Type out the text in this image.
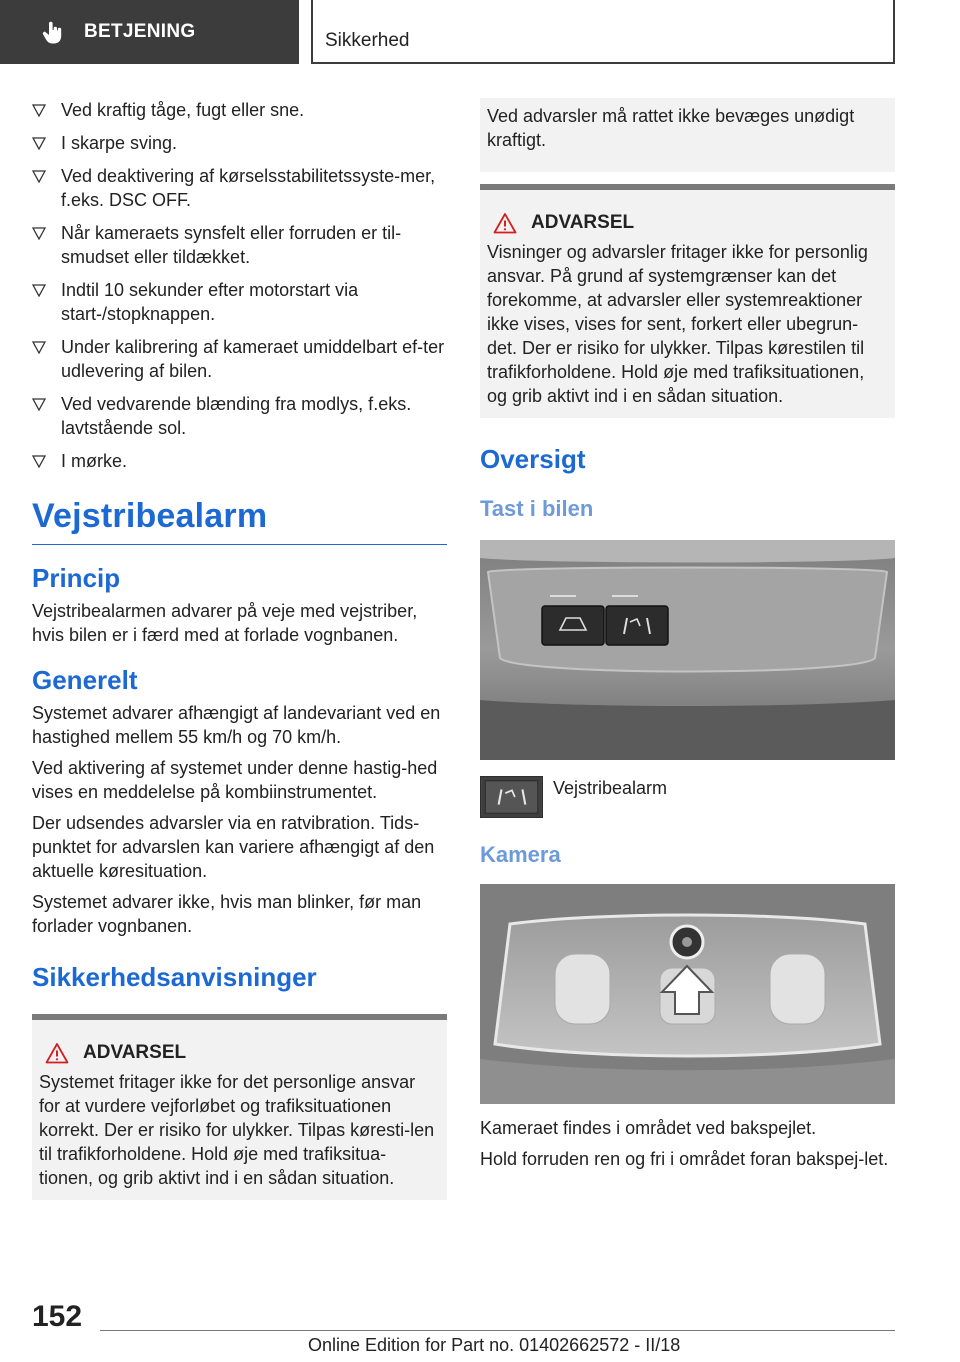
BETJENING	Sikkerhed
Ved kraftig tåge, fugt eller sne.
I skarpe sving.
Ved deaktivering af kørselsstabilitetssyste‐mer, f.eks. DSC OFF.
Når kameraets synsfelt eller forruden er til‐smudset eller tildækket.
Indtil 10 sekunder efter motorstart via start-/stopknappen.
Under kalibrering af kameraet umiddelbart ef‐ter udlevering af bilen.
Ved vedvarende blænding fra modlys, f.eks. lavtstående sol.
I mørke.
Vejstribealarm
Princip

Vejstribealarmen advarer på veje med vejstriber, hvis bilen er i færd med at forlade vognbanen.

Generelt

Systemet advarer afhængigt af landevariant ved en hastighed mellem 55 km/h og 70 km/h.

Ved aktivering af systemet under denne hastig‐hed vises en meddelelse på kombiinstrumentet.

Der udsendes advarsler via en ratvibration. Tids‐punktet for advarslen kan variere afhængigt af den aktuelle køresituation.

Systemet advarer ikke, hvis man blinker, før man forlader vognbanen.

Sikkerhedsanvisninger
ADVARSEL

Systemet fritager ikke for det personlige ansvar for at vurdere vejforløbet og trafiksituationen korrekt. Der er risiko for ulykker. Tilpas køresti‐len til trafikforholdene. Hold øje med trafiksitua‐tionen, og grib aktivt ind i en sådan situation.

Ved advarsler må rattet ikke bevæges unødigt kraftigt.

ADVARSEL

Visninger og advarsler fritager ikke for personlig ansvar. På grund af systemgrænser kan det forekomme, at advarsler eller systemreaktioner ikke vises, vises for sent, forkert eller ubegrun‐det. Der er risiko for ulykker. Tilpas kørestilen til trafikforholdene. Hold øje med trafiksituationen, og grib aktivt ind i en sådan situation.

Oversigt
Tast i bilen

Vejstribealarm

Kamera

Kameraet findes i området ved bakspejlet.

Hold forruden ren og fri i området foran bakspej‐let.

152
Online Edition for Part no. 01402662572 - II/18
